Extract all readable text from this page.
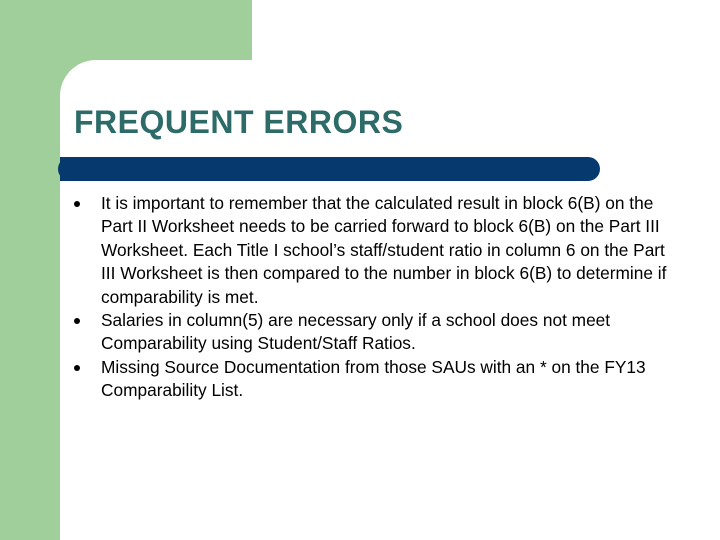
FREQUENT ERRORS
It is important to remember that the calculated result in block 6(B) on the Part II Worksheet needs to be carried forward to block 6(B) on the Part III Worksheet. Each Title I school’s staff/student ratio in column 6 on the Part III Worksheet is then compared to the number in block 6(B) to determine if comparability is met.
Salaries in column(5) are necessary only if a school does not meet Comparability using Student/Staff Ratios.
Missing Source Documentation from those SAUs with an * on the FY13 Comparability List.
